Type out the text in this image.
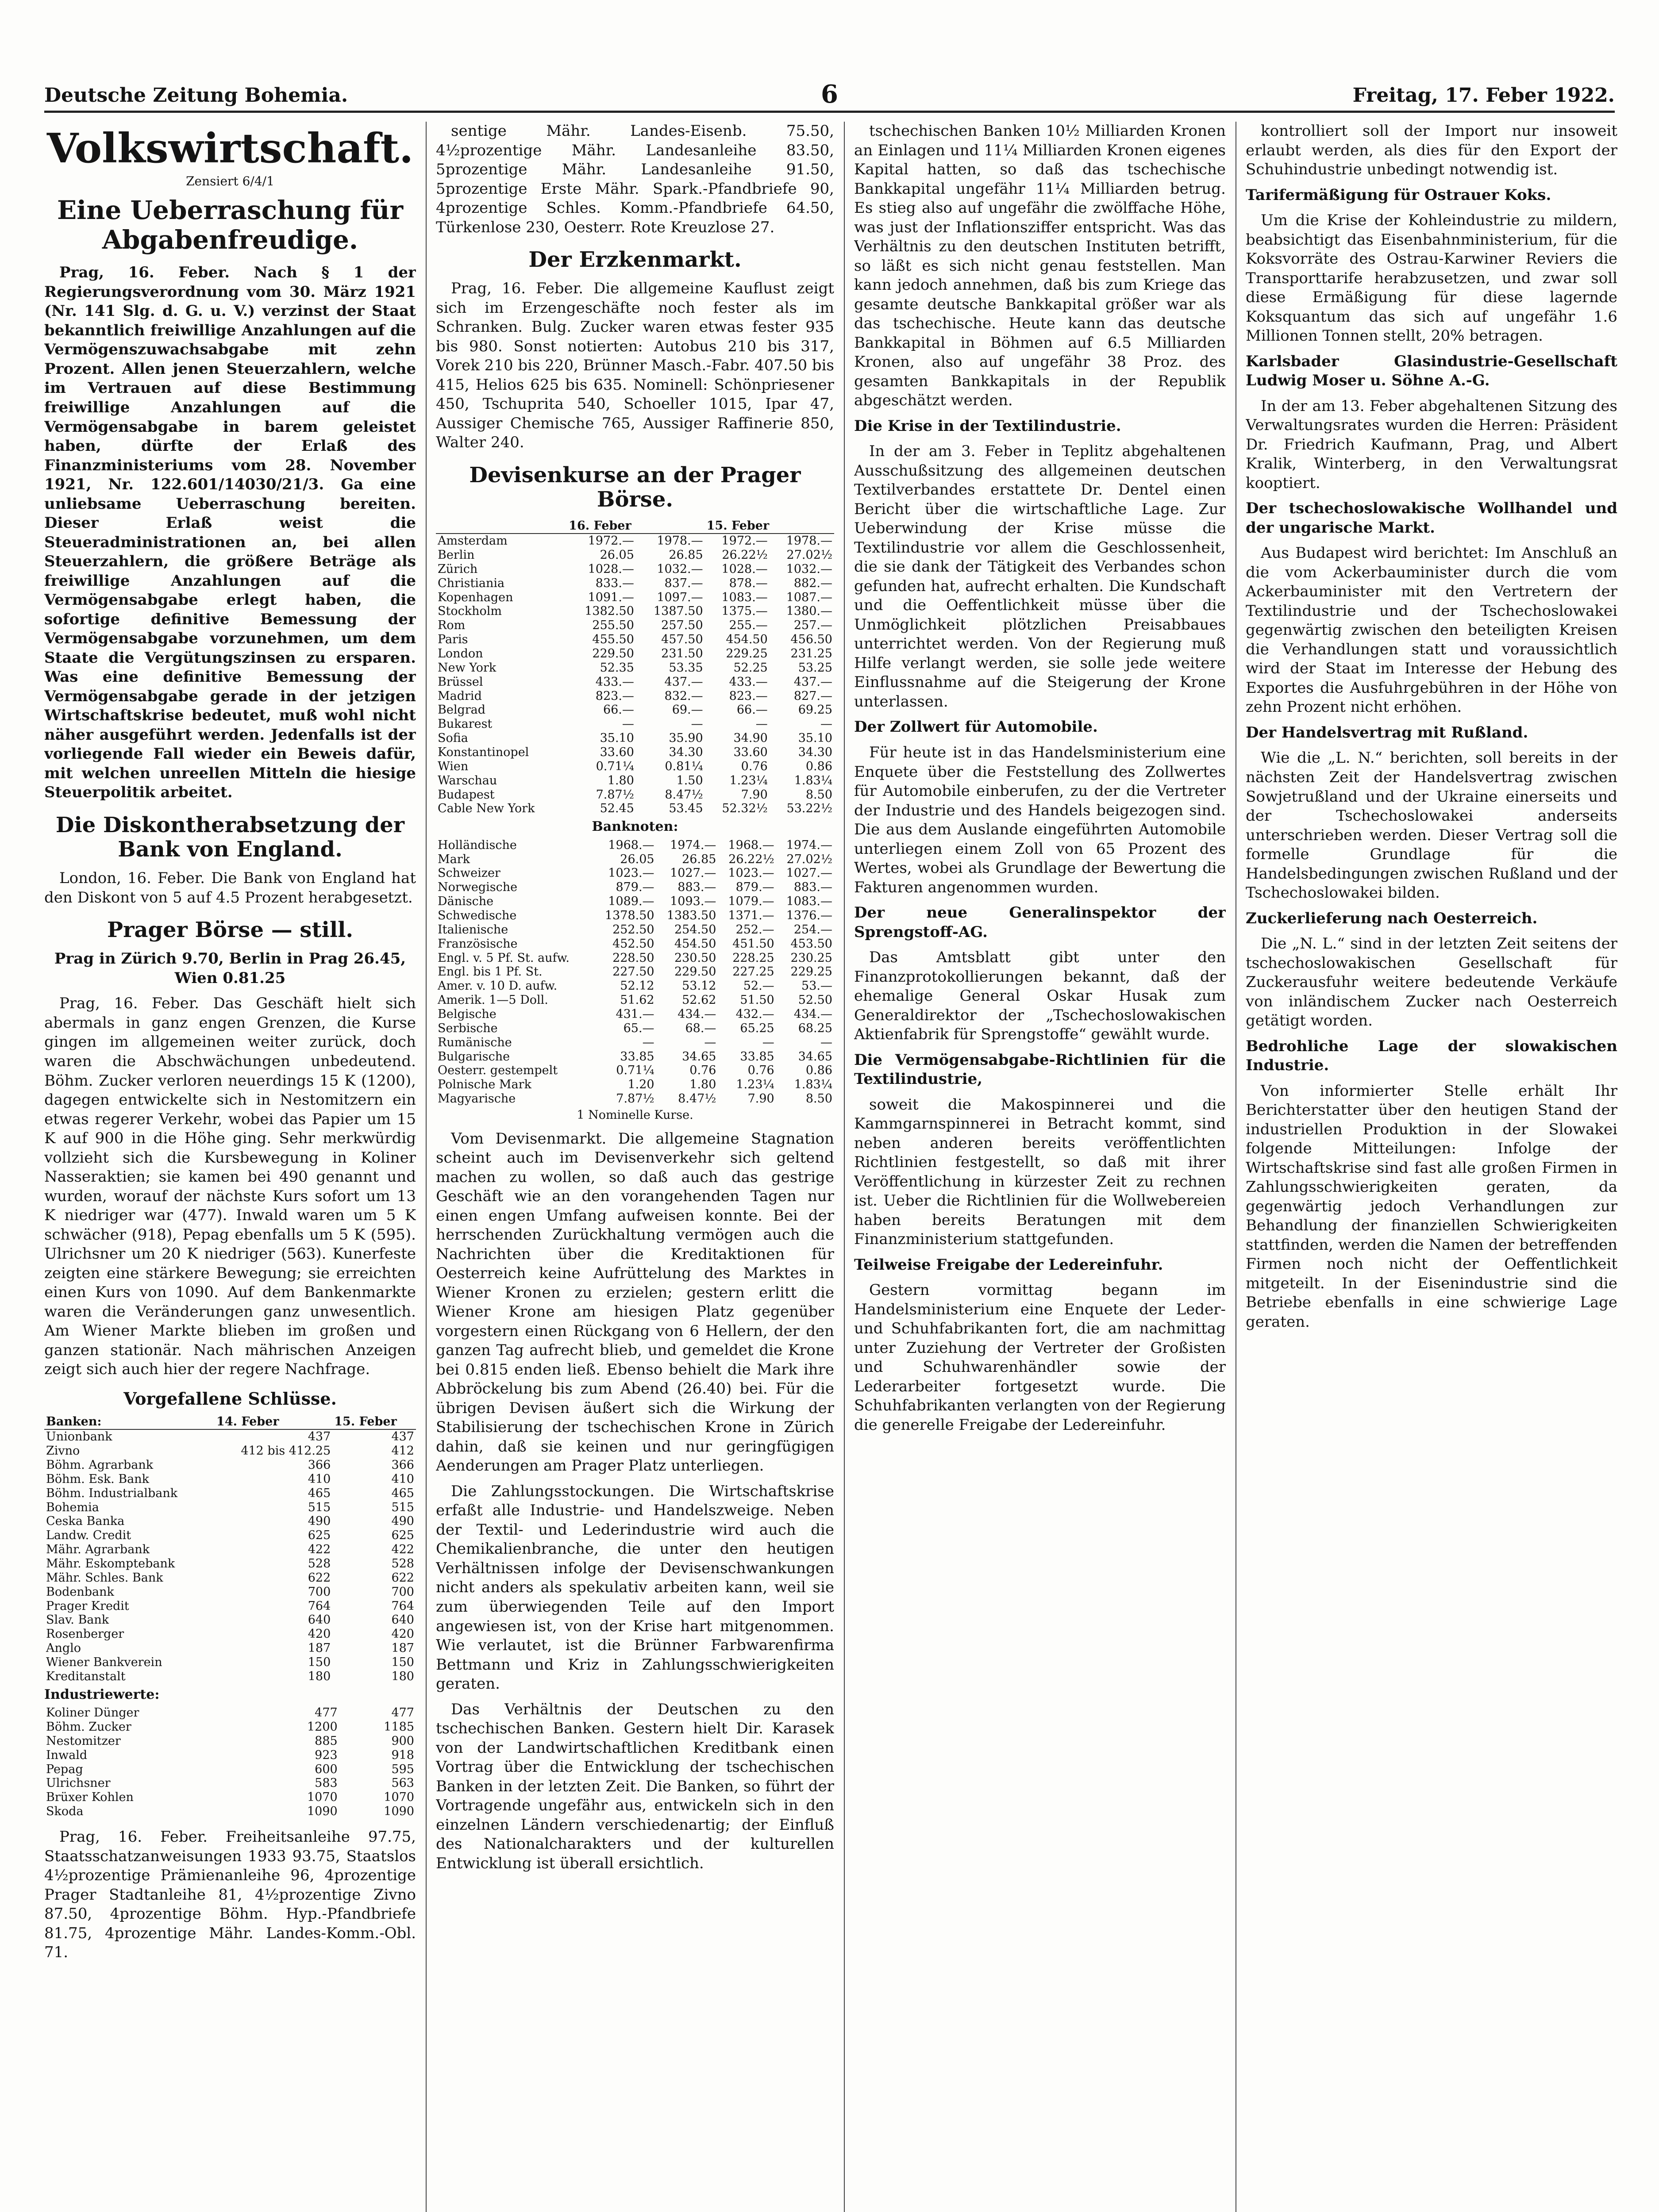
Deutsche Zeitung Bohemia.	6	Freitag, 17. Feber 1922.
Volkswirtschaft.
Zensiert 6/4/1
Eine Ueberraschung für Abgabenfreudige.

Prag, 16. Feber. Nach § 1 der Regierungsverordnung vom 30. März 1921 (Nr. 141 Slg. d. G. u. V.) verzinst der Staat bekanntlich freiwillige Anzahlungen auf die Vermögenszuwachsabgabe mit zehn Prozent. Allen jenen Steuerzahlern, welche im Vertrauen auf diese Bestimmung freiwillige Anzahlungen auf die Vermögensabgabe in barem geleistet haben, dürfte der Erlaß des Finanzministeriums vom 28. November 1921, Nr. 122.601/14030/21/3. Ga eine unliebsame Ueberraschung bereiten. Dieser Erlaß weist die Steueradministrationen an, bei allen Steuerzahlern, die größere Beträge als freiwillige Anzahlungen auf die Vermögensabgabe erlegt haben, die sofortige definitive Bemessung der Vermögensabgabe vorzunehmen, um dem Staate die Vergütungszinsen zu ersparen. Was eine definitive Bemessung der Vermögensabgabe gerade in der jetzigen Wirtschaftskrise bedeutet, muß wohl nicht näher ausgeführt werden. Jedenfalls ist der vorliegende Fall wieder ein Beweis dafür, mit welchen unreellen Mitteln die hiesige Steuerpolitik arbeitet.

Die Diskontherabsetzung der Bank von England.

London, 16. Feber. Die Bank von England hat den Diskont von 5 auf 4.5 Prozent herabgesetzt.

Prager Börse — still.
Prag in Zürich 9.70, Berlin in Prag 26.45, Wien 0.81.25

Prag, 16. Feber. Das Geschäft hielt sich abermals in ganz engen Grenzen, die Kurse gingen im allgemeinen weiter zurück, doch waren die Abschwächungen unbedeutend. Böhm. Zucker verloren neuerdings 15 K (1200), dagegen entwickelte sich in Nestomitzern ein etwas regerer Verkehr, wobei das Papier um 15 K auf 900 in die Höhe ging. Sehr merkwürdig vollzieht sich die Kursbewegung in Koliner Nasseraktien; sie kamen bei 490 genannt und wurden, worauf der nächste Kurs sofort um 13 K niedriger war (477). Inwald waren um 5 K schwächer (918), Pepag ebenfalls um 5 K (595). Ulrichsner um 20 K niedriger (563). Kunerfeste zeigten eine stärkere Bewegung; sie erreichten einen Kurs von 1090. Auf dem Bankenmarkte waren die Veränderungen ganz unwesentlich. Am Wiener Markte blieben im großen und ganzen stationär. Nach mährischen Anzeigen zeigt sich auch hier der regere Nachfrage.

Vorgefallene Schlüsse.
Banken:	14. Feber	15. Feber
Unionbank	437	437
Zivno	412 bis 412.25	412
Böhm. Agrarbank	366	366
Böhm. Esk. Bank	410	410
Böhm. Industrialbank	465	465
Bohemia	515	515
Ceska Banka	490	490
Landw. Credit	625	625
Mähr. Agrarbank	422	422
Mähr. Eskomptebank	528	528
Mähr. Schles. Bank	622	622
Bodenbank	700	700
Prager Kredit	764	764
Slav. Bank	640	640
Rosenberger	420	420
Anglo	187	187
Wiener Bankverein	150	150
Kreditanstalt	180	180
Industriewerte:
Koliner Dünger	477	477
Böhm. Zucker	1200	1185
Nestomitzer	885	900
Inwald	923	918
Pepag	600	595
Ulrichsner	583	563
Brüxer Kohlen	1070	1070
Skoda	1090	1090

Prag, 16. Feber. Freiheitsanleihe 97.75, Staatsschatzanweisungen 1933 93.75, Staatslos 4½prozentige Prämienanleihe 96, 4prozentige Prager Stadtanleihe 81, 4½prozentige Zivno 87.50, 4prozentige Böhm. Hyp.-Pfandbriefe 81.75, 4prozentige Mähr. Landes-Komm.-Obl. 71.

sentige Mähr. Landes-Eisenb. 75.50, 4½prozentige Mähr. Landesanleihe 83.50, 5prozentige Mähr. Landesanleihe 91.50, 5prozentige Erste Mähr. Spark.-Pfandbriefe 90, 4prozentige Schles. Komm.-Pfandbriefe 64.50, Türkenlose 230, Oesterr. Rote Kreuzlose 27.

Der Erzkenmarkt.

Prag, 16. Feber. Die allgemeine Kauflust zeigt sich im Erzengeschäfte noch fester als im Schranken. Bulg. Zucker waren etwas fester 935 bis 980. Sonst notierten: Autobus 210 bis 317, Vorek 210 bis 220, Brünner Masch.-Fabr. 407.50 bis 415, Helios 625 bis 635. Nominell: Schönpriesener 450, Tschuprita 540, Schoeller 1015, Ipar 47, Aussiger Chemische 765, Aussiger Raffinerie 850, Walter 240.

Devisenkurse an der Prager Börse.
	16. Feber		15. Feber	
Amsterdam	1972.—	1978.—	1972.—	1978.—
Berlin	26.05	26.85	26.22½	27.02½
Zürich	1028.—	1032.—	1028.—	1032.—
Christiania	833.—	837.—	878.—	882.—
Kopenhagen	1091.—	1097.—	1083.—	1087.—
Stockholm	1382.50	1387.50	1375.—	1380.—
Rom	255.50	257.50	255.—	257.—
Paris	455.50	457.50	454.50	456.50
London	229.50	231.50	229.25	231.25
New York	52.35	53.35	52.25	53.25
Brüssel	433.—	437.—	433.—	437.—
Madrid	823.—	832.—	823.—	827.—
Belgrad	66.—	69.—	66.—	69.25
Bukarest	—	—	—	—
Sofia	35.10	35.90	34.90	35.10
Konstantinopel	33.60	34.30	33.60	34.30
Wien	0.71¼	0.81¼	0.76	0.86
Warschau	1.80	1.50	1.23¼	1.83¼
Budapest	7.87½	8.47½	7.90	8.50
Cable New York	52.45	53.45	52.32½	53.22½
Banknoten:
Holländische	1968.—	1974.—	1968.—	1974.—
Mark	26.05	26.85	26.22½	27.02½
Schweizer	1023.—	1027.—	1023.—	1027.—
Norwegische	879.—	883.—	879.—	883.—
Dänische	1089.—	1093.—	1079.—	1083.—
Schwedische	1378.50	1383.50	1371.—	1376.—
Italienische	252.50	254.50	252.—	254.—
Französische	452.50	454.50	451.50	453.50
Engl. v. 5 Pf. St. aufw.	228.50	230.50	228.25	230.25
Engl. bis 1 Pf. St.	227.50	229.50	227.25	229.25
Amer. v. 10 D. aufw.	52.12	53.12	52.—	53.—
Amerik. 1—5 Doll.	51.62	52.62	51.50	52.50
Belgische	431.—	434.—	432.—	434.—
Serbische	65.—	68.—	65.25	68.25
Rumänische	—	—	—	—
Bulgarische	33.85	34.65	33.85	34.65
Oesterr. gestempelt	0.71¼	0.76	0.76	0.86
Polnische Mark	1.20	1.80	1.23¼	1.83¼
Magyarische	7.87½	8.47½	7.90	8.50
1 Nominelle Kurse.

Vom Devisenmarkt. Die allgemeine Stagnation scheint auch im Devisenverkehr sich geltend machen zu wollen, so daß auch das gestrige Geschäft wie an den vorangehenden Tagen nur einen engen Umfang aufweisen konnte. Bei der herrschenden Zurückhaltung vermögen auch die Nachrichten über die Kreditaktionen für Oesterreich keine Aufrüttelung des Marktes in Wiener Kronen zu erzielen; gestern erlitt die Wiener Krone am hiesigen Platz gegenüber vorgestern einen Rückgang von 6 Hellern, der den ganzen Tag aufrecht blieb, und gemeldet die Krone bei 0.815 enden ließ. Ebenso behielt die Mark ihre Abbröckelung bis zum Abend (26.40) bei. Für die übrigen Devisen äußert sich die Wirkung der Stabilisierung der tschechischen Krone in Zürich dahin, daß sie keinen und nur geringfügigen Aenderungen am Prager Platz unterliegen.

Die Zahlungsstockungen. Die Wirtschaftskrise erfaßt alle Industrie- und Handelszweige. Neben der Textil- und Lederindustrie wird auch die Chemikalienbranche, die unter den heutigen Verhältnissen infolge der Devisenschwankungen nicht anders als spekulativ arbeiten kann, weil sie zum überwiegenden Teile auf den Import angewiesen ist, von der Krise hart mitgenommen. Wie verlautet, ist die Brünner Farbwarenfirma Bettmann und Kriz in Zahlungsschwierigkeiten geraten.

Das Verhältnis der Deutschen zu den tschechischen Banken. Gestern hielt Dir. Karasek von der Landwirtschaftlichen Kreditbank einen Vortrag über die Entwicklung der tschechischen Banken in der letzten Zeit. Die Banken, so führt der Vortragende ungefähr aus, entwickeln sich in den einzelnen Ländern verschiedenartig; der Einfluß des Nationalcharakters und der kulturellen Entwicklung ist überall ersichtlich.

tschechischen Banken 10½ Milliarden Kronen an Einlagen und 11¼ Milliarden Kronen eigenes Kapital hatten, so daß das tschechische Bankkapital ungefähr 11¼ Milliarden betrug. Es stieg also auf ungefähr die zwölffache Höhe, was just der Inflationsziffer entspricht. Was das Verhältnis zu den deutschen Instituten betrifft, so läßt es sich nicht genau feststellen. Man kann jedoch annehmen, daß bis zum Kriege das gesamte deutsche Bankkapital größer war als das tschechische. Heute kann das deutsche Bankkapital in Böhmen auf 6.5 Milliarden Kronen, also auf ungefähr 38 Proz. des gesamten Bankkapitals in der Republik abgeschätzt werden.

Die Krise in der Textilindustrie.

In der am 3. Feber in Teplitz abgehaltenen Ausschußsitzung des allgemeinen deutschen Textilverbandes erstattete Dr. Dentel einen Bericht über die wirtschaftliche Lage. Zur Ueberwindung der Krise müsse die Textilindustrie vor allem die Geschlossenheit, die sie dank der Tätigkeit des Verbandes schon gefunden hat, aufrecht erhalten. Die Kundschaft und die Oeffentlichkeit müsse über die Unmöglichkeit plötzlichen Preisabbaues unterrichtet werden. Von der Regierung muß Hilfe verlangt werden, sie solle jede weitere Einflussnahme auf die Steigerung der Krone unterlassen.

Der Zollwert für Automobile.

Für heute ist in das Handelsministerium eine Enquete über die Feststellung des Zollwertes für Automobile einberufen, zu der die Vertreter der Industrie und des Handels beigezogen sind. Die aus dem Auslande eingeführten Automobile unterliegen einem Zoll von 65 Prozent des Wertes, wobei als Grundlage der Bewertung die Fakturen angenommen wurden.

Der neue Generalinspektor der Sprengstoff-AG.

Das Amtsblatt gibt unter den Finanzprotokollierungen bekannt, daß der ehemalige General Oskar Husak zum Generaldirektor der „Tschechoslowakischen Aktienfabrik für Sprengstoffe“ gewählt wurde.

Die Vermögensabgabe-Richtlinien für die Textilindustrie,

soweit die Makospinnerei und die Kammgarnspinnerei in Betracht kommt, sind neben anderen bereits veröffentlichten Richtlinien festgestellt, so daß mit ihrer Veröffentlichung in kürzester Zeit zu rechnen ist. Ueber die Richtlinien für die Wollwebereien haben bereits Beratungen mit dem Finanzministerium stattgefunden.

Teilweise Freigabe der Ledereinfuhr.

Gestern vormittag begann im Handelsministerium eine Enquete der Leder- und Schuhfabrikanten fort, die am nachmittag unter Zuziehung der Vertreter der Großisten und Schuhwarenhändler sowie der Lederarbeiter fortgesetzt wurde. Die Schuhfabrikanten verlangten von der Regierung die generelle Freigabe der Ledereinfuhr.

kontrolliert soll der Import nur insoweit erlaubt werden, als dies für den Export der Schuhindustrie unbedingt notwendig ist.

Tarifermäßigung für Ostrauer Koks.

Um die Krise der Kohleindustrie zu mildern, beabsichtigt das Eisenbahnministerium, für die Koksvorräte des Ostrau-Karwiner Reviers die Transporttarife herabzusetzen, und zwar soll diese Ermäßigung für diese lagernde Koksquantum das sich auf ungefähr 1.6 Millionen Tonnen stellt, 20% betragen.

Karlsbader Glasindustrie-Gesellschaft Ludwig Moser u. Söhne A.-G.

In der am 13. Feber abgehaltenen Sitzung des Verwaltungsrates wurden die Herren: Präsident Dr. Friedrich Kaufmann, Prag, und Albert Kralik, Winterberg, in den Verwaltungsrat kooptiert.

Der tschechoslowakische Wollhandel und der ungarische Markt.

Aus Budapest wird berichtet: Im Anschluß an die vom Ackerbauminister durch die vom Ackerbauminister mit den Vertretern der Textilindustrie und der Tschechoslowakei gegenwärtig zwischen den beteiligten Kreisen die Verhandlungen statt und voraussichtlich wird der Staat im Interesse der Hebung des Exportes die Ausfuhrgebühren in der Höhe von zehn Prozent nicht erhöhen.

Der Handelsvertrag mit Rußland.

Wie die „L. N.“ berichten, soll bereits in der nächsten Zeit der Handelsvertrag zwischen Sowjetrußland und der Ukraine einerseits und der Tschechoslowakei anderseits unterschrieben werden. Dieser Vertrag soll die formelle Grundlage für die Handelsbedingungen zwischen Rußland und der Tschechoslowakei bilden.

Zuckerlieferung nach Oesterreich.

Die „N. L.“ sind in der letzten Zeit seitens der tschechoslowakischen Gesellschaft für Zuckerausfuhr weitere bedeutende Verkäufe von inländischem Zucker nach Oesterreich getätigt worden.

Bedrohliche Lage der slowakischen Industrie.

Von informierter Stelle erhält Ihr Berichterstatter über den heutigen Stand der industriellen Produktion in der Slowakei folgende Mitteilungen: Infolge der Wirtschaftskrise sind fast alle großen Firmen in Zahlungsschwierigkeiten geraten, da gegenwärtig jedoch Verhandlungen zur Behandlung der finanziellen Schwierigkeiten stattfinden, werden die Namen der betreffenden Firmen noch nicht der Oeffentlichkeit mitgeteilt. In der Eisenindustrie sind die Betriebe ebenfalls in eine schwierige Lage geraten.
